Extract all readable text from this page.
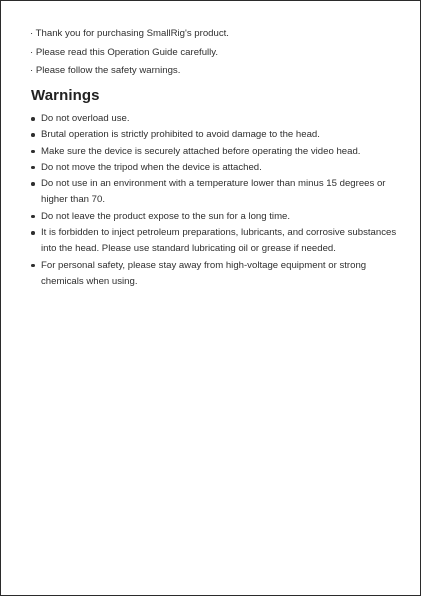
· Thank you for purchasing SmallRig's product.
· Please read this Operation Guide carefully.
· Please follow the safety warnings.
Warnings
Do not overload use.
Brutal operation is strictly prohibited to avoid damage to the head.
Make sure the device is securely attached before operating the video head.
Do not move the tripod when the device is attached.
Do not use in an environment with a temperature lower than minus 15 degrees or higher than 70.
Do not leave the product expose to the sun for a long time.
It is forbidden to inject petroleum preparations, lubricants, and corrosive substances into the head. Please use standard lubricating oil or grease if needed.
For personal safety, please stay away from high-voltage equipment or strong chemicals when using.
